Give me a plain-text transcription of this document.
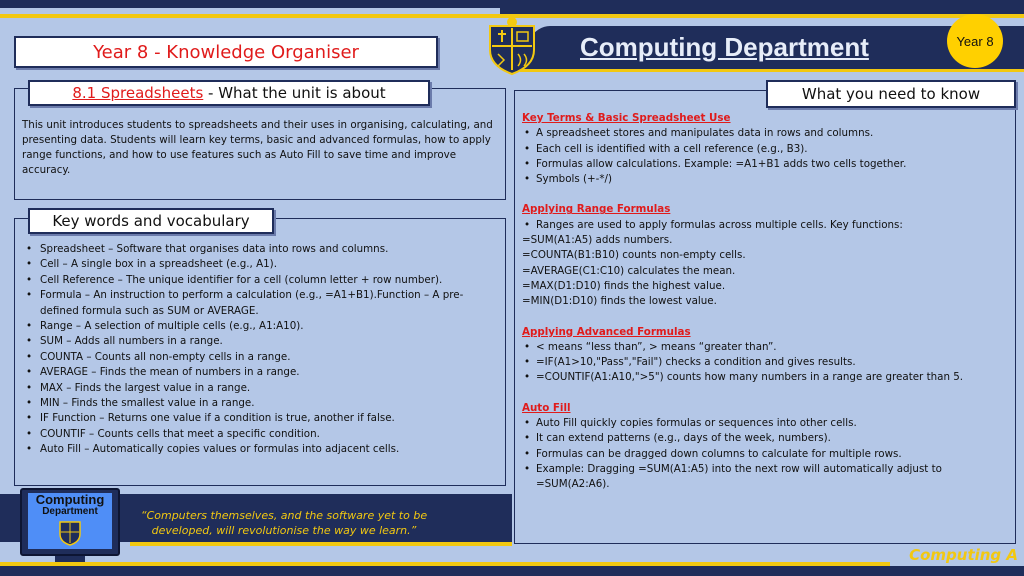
Year 8 - Knowledge Organiser	Computing Department	Year 8
8.1 Spreadsheets - What the unit is about
This unit introduces students to spreadsheets and their uses in organising, calculating, and presenting data. Students will learn key terms, basic and advanced formulas, how to apply range functions, and how to use features such as Auto Fill to save time and improve accuracy.
Key words and vocabulary
• Spreadsheet – Software that organises data into rows and columns.
• Cell – A single box in a spreadsheet (e.g., A1).
• Cell Reference – The unique identifier for a cell (column letter + row number).
• Formula – An instruction to perform a calculation (e.g., =A1+B1).Function – A pre-defined formula such as SUM or AVERAGE.
• Range – A selection of multiple cells (e.g., A1:A10).
• SUM – Adds all numbers in a range.
• COUNTA – Counts all non-empty cells in a range.
• AVERAGE – Finds the mean of numbers in a range.
• MAX – Finds the largest value in a range.
• MIN – Finds the smallest value in a range.
• IF Function – Returns one value if a condition is true, another if false.
• COUNTIF – Counts cells that meet a specific condition.
• Auto Fill – Automatically copies values or formulas into adjacent cells.
What you need to know
Key Terms & Basic Spreadsheet Use
• A spreadsheet stores and manipulates data in rows and columns.
• Each cell is identified with a cell reference (e.g., B3).
• Formulas allow calculations. Example: =A1+B1 adds two cells together.
• Symbols (+-*/)
Applying Range Formulas
• Ranges are used to apply formulas across multiple cells. Key functions:
=SUM(A1:A5) adds numbers.
=COUNTA(B1:B10) counts non-empty cells.
=AVERAGE(C1:C10) calculates the mean.
=MAX(D1:D10) finds the highest value.
=MIN(D1:D10) finds the lowest value.
Applying Advanced Formulas
• < means “less than”, > means “greater than”.
• =IF(A1>10,"Pass","Fail") checks a condition and gives results.
• =COUNTIF(A1:A10,">5") counts how many numbers in a range are greater than 5.
Auto Fill
• Auto Fill quickly copies formulas or sequences into other cells.
• It can extend patterns (e.g., days of the week, numbers).
• Formulas can be dragged down columns to calculate for multiple rows.
• Example: Dragging =SUM(A1:A5) into the next row will automatically adjust to =SUM(A2:A6).
Computing
Department	“Computers themselves, and the software yet to be developed, will revolutionise the way we learn.”
Computing A
